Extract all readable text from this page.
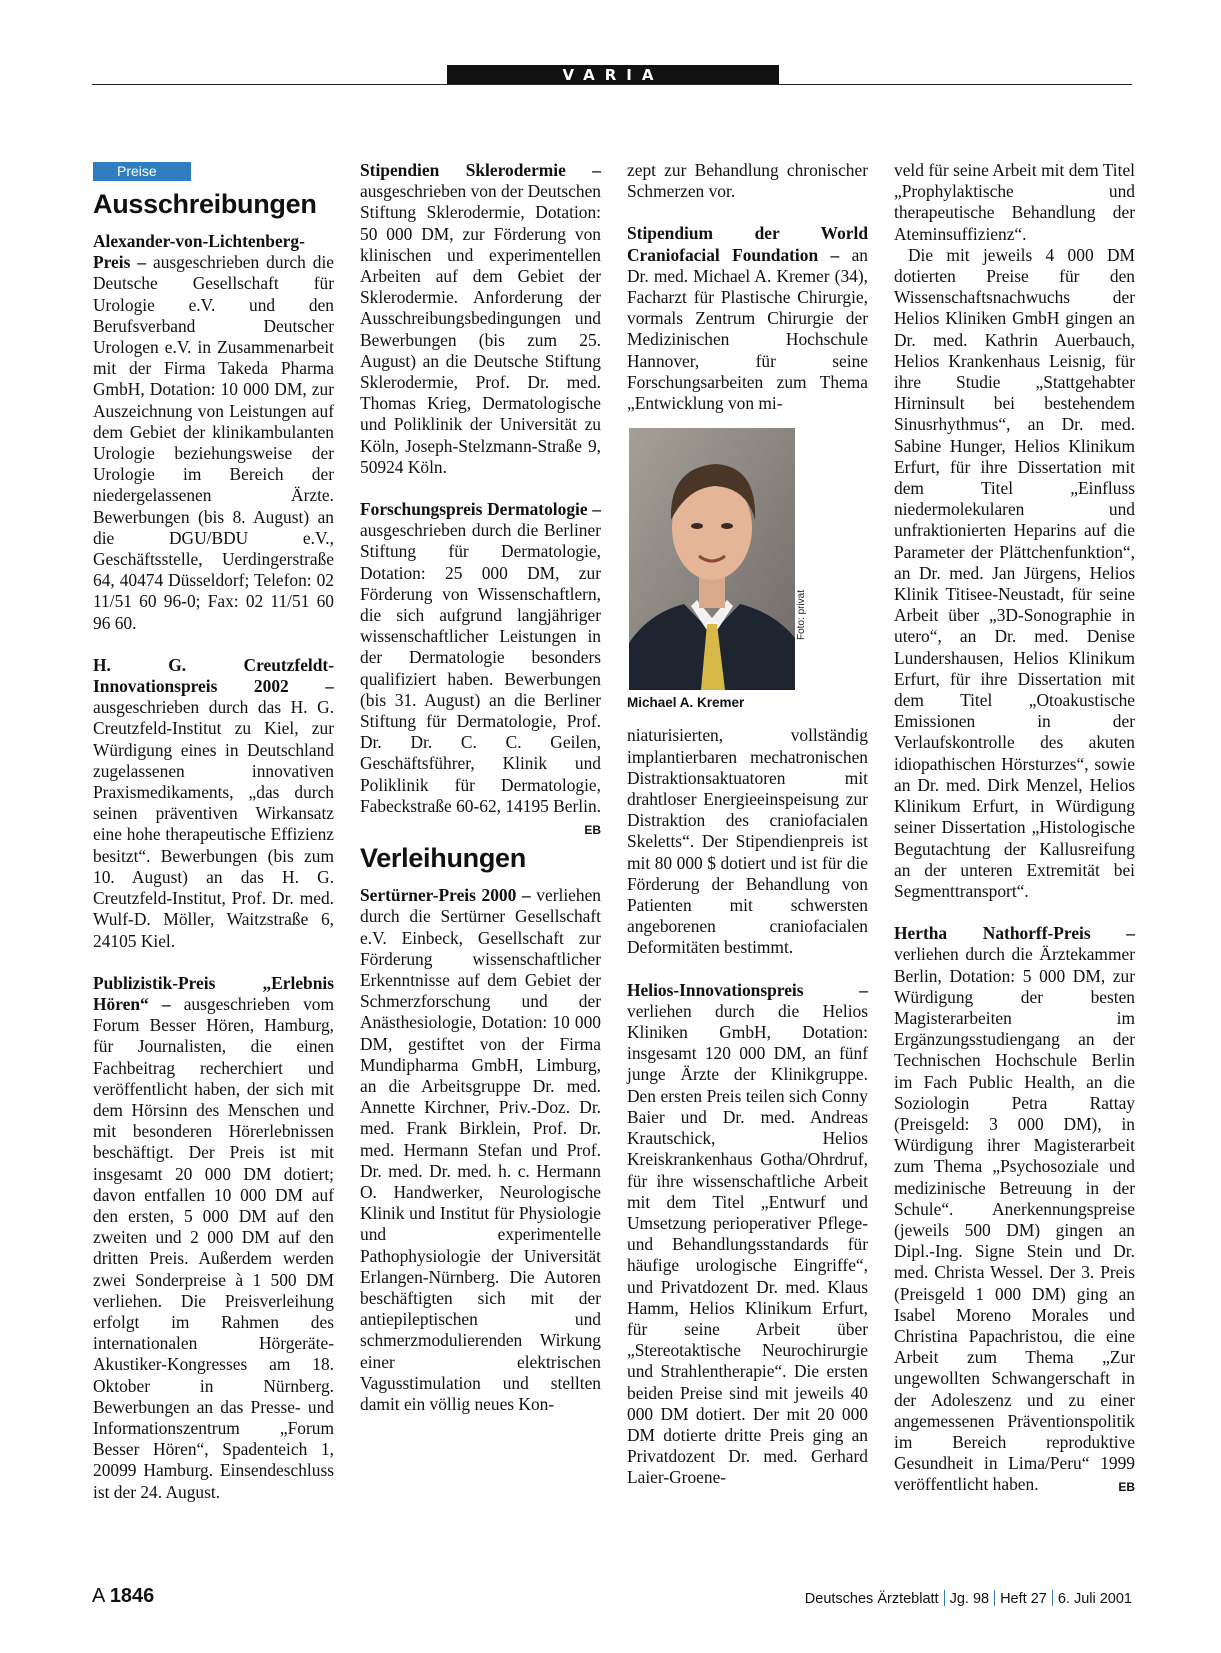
VARIA
Preise
Ausschreibungen

Alexander-von-Lichtenberg-Preis – ausgeschrieben durch die Deutsche Gesellschaft für Urologie e.V. und den Berufsverband Deutscher Urologen e.V. in Zusammenarbeit mit der Firma Takeda Pharma GmbH, Dotation: 10 000 DM, zur Auszeichnung von Leistungen auf dem Gebiet der klinikambulanten Urologie beziehungsweise der Urologie im Bereich der niedergelassenen Ärzte. Bewerbungen (bis 8. August) an die DGU/BDU e.V., Geschäftsstelle, Uerdingerstraße 64, 40474 Düsseldorf; Telefon: 02 11/51 60 96-0; Fax: 02 11/51 60 96 60.

H. G. Creutzfeldt-Innovationspreis 2002 – ausgeschrieben durch das H. G. Creutzfeld-Institut zu Kiel, zur Würdigung eines in Deutschland zugelassenen innovativen Praxismedikaments, „das durch seinen präventiven Wirkansatz eine hohe therapeutische Effizienz besitzt“. Bewerbungen (bis zum 10. August) an das H. G. Creutzfeld-Institut, Prof. Dr. med. Wulf-D. Möller, Waitzstraße 6, 24105 Kiel.

Publizistik-Preis „Erlebnis Hören“ – ausgeschrieben vom Forum Besser Hören, Hamburg, für Journalisten, die einen Fachbeitrag recherchiert und veröffentlicht haben, der sich mit dem Hörsinn des Menschen und mit besonderen Hörerlebnissen beschäftigt. Der Preis ist mit insgesamt 20 000 DM dotiert; davon entfallen 10 000 DM auf den ersten, 5 000 DM auf den zweiten und 2 000 DM auf den dritten Preis. Außerdem werden zwei Sonderpreise à 1 500 DM verliehen. Die Preisverleihung erfolgt im Rahmen des internationalen Hörgeräte-Akustiker-Kongresses am 18. Oktober in Nürnberg. Bewerbungen an das Presse- und Informationszentrum „Forum Besser Hören“, Spadenteich 1, 20099 Hamburg. Einsendeschluss ist der 24. August.

Stipendien Sklerodermie – ausgeschrieben von der Deutschen Stiftung Sklerodermie, Dotation: 50 000 DM, zur Förderung von klinischen und experimentellen Arbeiten auf dem Gebiet der Sklerodermie. Anforderung der Ausschreibungsbedingungen und Bewerbungen (bis zum 25. August) an die Deutsche Stiftung Sklerodermie, Prof. Dr. med. Thomas Krieg, Dermatologische und Poliklinik der Universität zu Köln, Joseph-Stelzmann-Straße 9, 50924 Köln.

Forschungspreis Dermatologie – ausgeschrieben durch die Berliner Stiftung für Dermatologie, Dotation: 25 000 DM, zur Förderung von Wissenschaftlern, die sich aufgrund langjähriger wissenschaftlicher Leistungen in der Dermatologie besonders qualifiziert haben. Bewerbungen (bis 31. August) an die Berliner Stiftung für Dermatologie, Prof. Dr. Dr. C. C. Geilen, Geschäftsführer, Klinik und Poliklinik für Dermatologie, Fabeckstraße 60-62, 14195 Berlin.
EB

Verleihungen

Sertürner-Preis 2000 – verliehen durch die Sertürner Gesellschaft e.V. Einbeck, Gesellschaft zur Förderung wissenschaftlicher Erkenntnisse auf dem Gebiet der Schmerzforschung und der Anästhesiologie, Dotation: 10 000 DM, gestiftet von der Firma Mundipharma GmbH, Limburg, an die Arbeitsgruppe Dr. med. Annette Kirchner, Priv.-Doz. Dr. med. Frank Birklein, Prof. Dr. med. Hermann Stefan und Prof. Dr. med. Dr. med. h. c. Hermann O. Handwerker, Neurologische Klinik und Institut für Physiologie und experimentelle Pathophysiologie der Universität Erlangen-Nürnberg. Die Autoren beschäftigten sich mit der antiepileptischen und schmerzmodulierenden Wirkung einer elektrischen Vagusstimulation und stellten damit ein völlig neues Kon-

zept zur Behandlung chronischer Schmerzen vor.

Stipendium der World Craniofacial Foundation – an Dr. med. Michael A. Kremer (34), Facharzt für Plastische Chirurgie, vormals Zentrum Chirurgie der Medizinischen Hochschule Hannover, für seine Forschungsarbeiten zum Thema „Entwicklung von mi-

Michael A. Kremer

niaturisierten, vollständig implantierbaren mechatronischen Distraktionsaktuatoren mit drahtloser Energieeinspeisung zur Distraktion des craniofacialen Skeletts“. Der Stipendienpreis ist mit 80 000 $ dotiert und ist für die Förderung der Behandlung von Patienten mit schwersten angeborenen craniofacialen Deformitäten bestimmt.

Helios-Innovationspreis – verliehen durch die Helios Kliniken GmbH, Dotation: insgesamt 120 000 DM, an fünf junge Ärzte der Klinikgruppe. Den ersten Preis teilen sich Conny Baier und Dr. med. Andreas Krautschick, Helios Kreiskrankenhaus Gotha/Ohrdruf, für ihre wissenschaftliche Arbeit mit dem Titel „Entwurf und Umsetzung perioperativer Pflege- und Behandlungsstandards für häufige urologische Eingriffe“, und Privatdozent Dr. med. Klaus Hamm, Helios Klinikum Erfurt, für seine Arbeit über „Stereotaktische Neurochirurgie und Strahlentherapie“. Die ersten beiden Preise sind mit jeweils 40 000 DM dotiert. Der mit 20 000 DM dotierte dritte Preis ging an Privatdozent Dr. med. Gerhard Laier-Groene-

Foto: privat

veld für seine Arbeit mit dem Titel „Prophylaktische und therapeutische Behandlung der Ateminsuffizienz“.

Die mit jeweils 4 000 DM dotierten Preise für den Wissenschaftsnachwuchs der Helios Kliniken GmbH gingen an Dr. med. Kathrin Auerbauch, Helios Krankenhaus Leisnig, für ihre Studie „Stattgehabter Hirninsult bei bestehendem Sinusrhythmus“, an Dr. med. Sabine Hunger, Helios Klinikum Erfurt, für ihre Dissertation mit dem Titel „Einfluss niedermolekularen und unfraktionierten Heparins auf die Parameter der Plättchenfunktion“, an Dr. med. Jan Jürgens, Helios Klinik Titisee-Neustadt, für seine Arbeit über „3D-Sonographie in utero“, an Dr. med. Denise Lundershausen, Helios Klinikum Erfurt, für ihre Dissertation mit dem Titel „Otoakustische Emissionen in der Verlaufskontrolle des akuten idiopathischen Hörsturzes“, sowie an Dr. med. Dirk Menzel, Helios Klinikum Erfurt, in Würdigung seiner Dissertation „Histologische Begutachtung der Kallusreifung an der unteren Extremität bei Segmenttransport“.

Hertha Nathorff-Preis – verliehen durch die Ärztekammer Berlin, Dotation: 5 000 DM, zur Würdigung der besten Magisterarbeiten im Ergänzungsstudiengang an der Technischen Hochschule Berlin im Fach Public Health, an die Soziologin Petra Rattay (Preisgeld: 3 000 DM), in Würdigung ihrer Magisterarbeit zum Thema „Psychosoziale und medizinische Betreuung in der Schule“. Anerkennungspreise (jeweils 500 DM) gingen an Dipl.-Ing. Signe Stein und Dr. med. Christa Wessel. Der 3. Preis (Preisgeld 1 000 DM) ging an Isabel Moreno Morales und Christina Papachristou, die eine Arbeit zum Thema „Zur ungewollten Schwangerschaft in der Adoleszenz und zu einer angemessenen Präventionspolitik im Bereich reproduktive Gesundheit in Lima/Peru“ 1999 veröffentlicht haben.	EB

A 1846	Deutsches Ärzteblatt Jg. 98 Heft 27 6. Juli 2001
